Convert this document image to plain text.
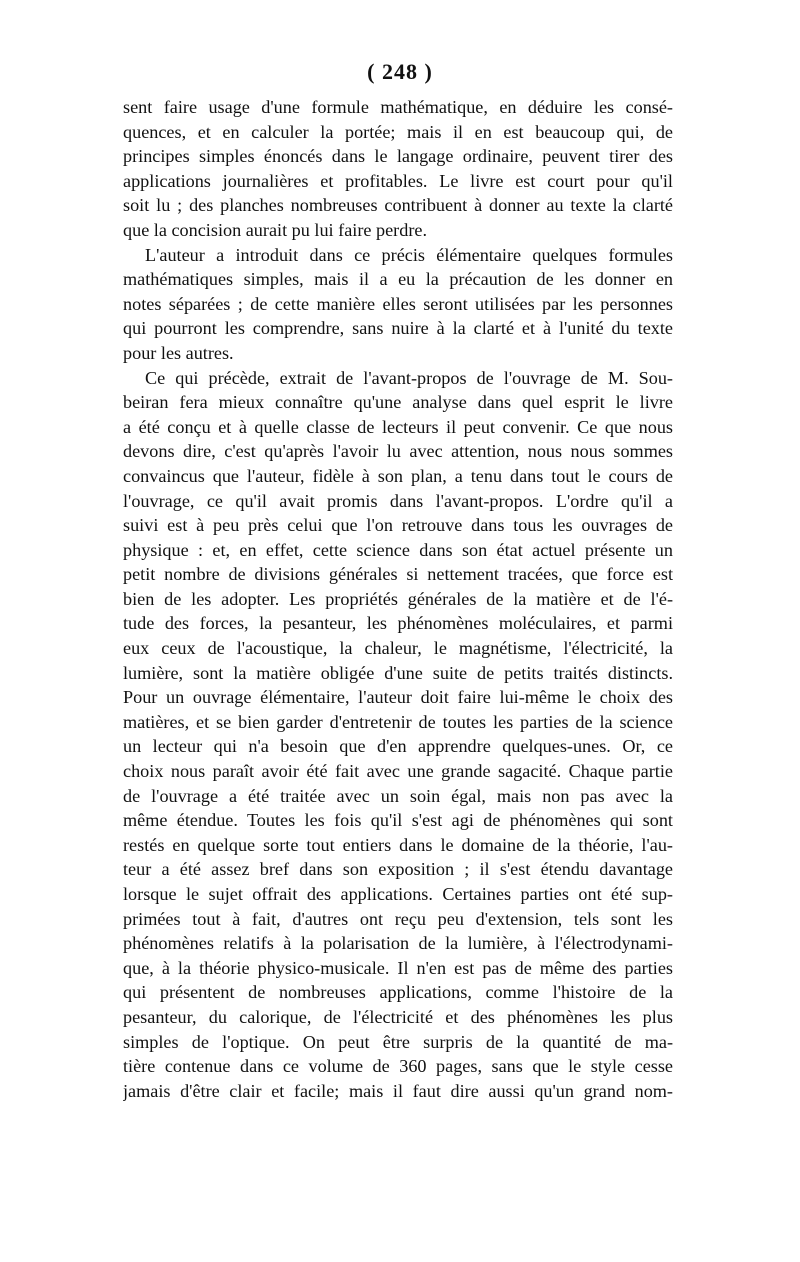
( 248 )
sent faire usage d'une formule mathématique, en déduire les consé-
quences, et en calculer la portée; mais il en est beaucoup qui, de
principes simples énoncés dans le langage ordinaire, peuvent tirer des
applications journalières et profitables. Le livre est court pour qu'il
soit lu ; des planches nombreuses contribuent à donner au texte la clarté
que la concision aurait pu lui faire perdre.
L'auteur a introduit dans ce précis élémentaire quelques formules
mathématiques simples, mais il a eu la précaution de les donner en
notes séparées ; de cette manière elles seront utilisées par les personnes
qui pourront les comprendre, sans nuire à la clarté et à l'unité du texte
pour les autres.
Ce qui précède, extrait de l'avant-propos de l'ouvrage de M. Sou-
beiran fera mieux connaître qu'une analyse dans quel esprit le livre
a été conçu et à quelle classe de lecteurs il peut convenir. Ce que nous
devons dire, c'est qu'après l'avoir lu avec attention, nous nous sommes
convaincus que l'auteur, fidèle à son plan, a tenu dans tout le cours de
l'ouvrage, ce qu'il avait promis dans l'avant-propos. L'ordre qu'il a
suivi est à peu près celui que l'on retrouve dans tous les ouvrages de
physique : et, en effet, cette science dans son état actuel présente un
petit nombre de divisions générales si nettement tracées, que force est
bien de les adopter. Les propriétés générales de la matière et de l'é-
tude des forces, la pesanteur, les phénomènes moléculaires, et parmi
eux ceux de l'acoustique, la chaleur, le magnétisme, l'électricité, la
lumière, sont la matière obligée d'une suite de petits traités distincts.
Pour un ouvrage élémentaire, l'auteur doit faire lui-même le choix des
matières, et se bien garder d'entretenir de toutes les parties de la science
un lecteur qui n'a besoin que d'en apprendre quelques-unes. Or, ce
choix nous paraît avoir été fait avec une grande sagacité. Chaque partie
de l'ouvrage a été traitée avec un soin égal, mais non pas avec la
même étendue. Toutes les fois qu'il s'est agi de phénomènes qui sont
restés en quelque sorte tout entiers dans le domaine de la théorie, l'au-
teur a été assez bref dans son exposition ; il s'est étendu davantage
lorsque le sujet offrait des applications. Certaines parties ont été sup-
primées tout à fait, d'autres ont reçu peu d'extension, tels sont les
phénomènes relatifs à la polarisation de la lumière, à l'électrodynami-
que, à la théorie physico-musicale. Il n'en est pas de même des parties
qui présentent de nombreuses applications, comme l'histoire de la
pesanteur, du calorique, de l'électricité et des phénomènes les plus
simples de l'optique. On peut être surpris de la quantité de ma-
tière contenue dans ce volume de 360 pages, sans que le style cesse
jamais d'être clair et facile; mais il faut dire aussi qu'un grand nom-
